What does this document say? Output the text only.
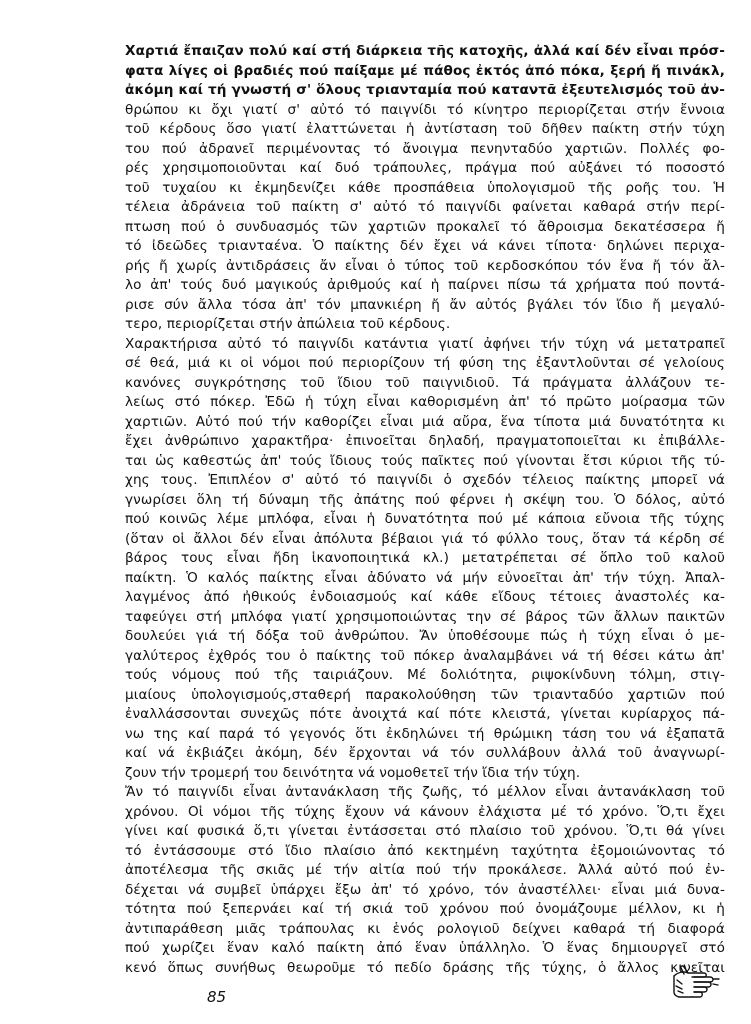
Χαρτιά ἔπαιζαν πολύ καί στή διάρκεια τῆς κατοχῆς, ἀλλά καί δέν εἶναι πρόσ-
φατα λίγες οἱ βραδιές πού παίξαμε μέ πάθος ἐκτός ἀπό πόκα, ξερή ἤ πινάκλ,
ἀκόμη καί τή γνωστή σ' ὅλους τριανταμία πού καταντᾶ ἐξευτελισμός τοῦ ἀν-
θρώπου κι ὄχι γιατί σ' αὐτό τό παιγνίδι τό κίνητρο περιορίζεται στήν ἔννοια
τοῦ κέρδους ὅσο γιατί ἐλαττώνεται ἡ ἀντίσταση τοῦ δῆθεν παίκτη στήν τύχη
του πού ἀδρανεῖ περιμένοντας τό ἄνοιγμα πενηνταδύο χαρτιῶν. Πολλές φο-
ρές χρησιμοποιοῦνται καί δυό τράπουλες, πράγμα πού αὐξάνει τό ποσοστό
τοῦ τυχαίου κι ἐκμηδενίζει κάθε προσπάθεια ὑπολογισμοῦ τῆς ροῆς του. Ἡ
τέλεια ἀδράνεια τοῦ παίκτη σ' αὐτό τό παιγνίδι φαίνεται καθαρά στήν περί-
πτωση πού ὁ συνδυασμός τῶν χαρτιῶν προκαλεῖ τό ἄθροισμα δεκατέσσερα ἤ
τό ἰδεῶδες τριανταένα. Ὁ παίκτης δέν ἔχει νά κάνει τίποτα· δηλώνει περιχα-
ρής ἤ χωρίς ἀντιδράσεις ἄν εἶναι ὁ τύπος τοῦ κερδοσκόπου τόν ἕνα ἤ τόν ἄλ-
λο ἀπ' τούς δυό μαγικούς ἀριθμούς καί ἡ παίρνει πίσω τά χρήματα πού ποντά-
ρισε σύν ἄλλα τόσα ἀπ' τόν μπανκιέρη ἤ ἄν αὐτός βγάλει τόν ἴδιο ἤ μεγαλύ-
τερο, περιορίζεται στήν ἀπώλεια τοῦ κέρδους.
Χαρακτήρισα αὐτό τό παιγνίδι κατάντια γιατί ἀφήνει τήν τύχη νά μετατραπεῖ
σέ θεά, μιά κι οἱ νόμοι πού περιορίζουν τή φύση της ἐξαντλοῦνται σέ γελοίους
κανόνες συγκρότησης τοῦ ἴδιου τοῦ παιγνιδιοῦ. Τά πράγματα ἀλλάζουν τε-
λείως στό πόκερ. Ἐδῶ ἡ τύχη εἶναι καθορισμένη ἀπ' τό πρῶτο μοίρασμα τῶν
χαρτιῶν. Αὐτό πού τήν καθορίζει εἶναι μιά αὔρα, ἕνα τίποτα μιά δυνατότητα κι
ἔχει ἀνθρώπινο χαρακτῆρα· ἐπινοεῖται δηλαδή, πραγματοποιεῖται κι ἐπιβάλλε-
ται ὡς καθεστώς ἀπ' τούς ἴδιους τούς παῖκτες πού γίνονται ἔτσι κύριοι τῆς τύ-
χης τους. Ἐπιπλέον σ' αὐτό τό παιγνίδι ὁ σχεδόν τέλειος παίκτης μπορεῖ νά
γνωρίσει ὅλη τή δύναμη τῆς ἀπάτης πού φέρνει ἡ σκέψη του. Ὁ δόλος, αὐτό
πού κοινῶς λέμε μπλόφα, εἶναι ἡ δυνατότητα πού μέ κάποια εὔνοια τῆς τύχης
(ὅταν οἱ ἄλλοι δέν εἶναι ἀπόλυτα βέβαιοι γιά τό φύλλο τους, ὅταν τά κέρδη σέ
βάρος τους εἶναι ἤδη ἱκανοποιητικά κλ.) μετατρέπεται σέ ὅπλο τοῦ καλοῦ
παίκτη. Ὁ καλός παίκτης εἶναι ἀδύνατο νά μήν εὐνοεῖται ἀπ' τήν τύχη. Ἀπαλ-
λαγμένος ἀπό ἠθικούς ἐνδοιασμούς καί κάθε εἴδους τέτοιες ἀναστολές κα-
ταφεύγει στή μπλόφα γιατί χρησιμοποιώντας την σέ βάρος τῶν ἄλλων παικτῶν
δουλεύει γιά τή δόξα τοῦ ἀνθρώπου. Ἄν ὑποθέσουμε πώς ἡ τύχη εἶναι ὁ με-
γαλύτερος ἐχθρός του ὁ παίκτης τοῦ πόκερ ἀναλαμβάνει νά τή θέσει κάτω ἀπ'
τούς νόμους πού τῆς ταιριάζουν. Μέ δολιότητα, ριψοκίνδυνη τόλμη, στιγ-
μιαίους ὑπολογισμούς,σταθερή παρακολούθηση τῶν τριανταδύο χαρτιῶν πού
ἐναλλάσσονται συνεχῶς πότε ἀνοιχτά καί πότε κλειστά, γίνεται κυρίαρχος πά-
νω της καί παρά τό γεγονός ὅτι ἐκδηλώνει τή θρώμικη τάση του νά ἐξαπατᾶ
καί νά ἐκβιάζει ἀκόμη, δέν ἔρχονται νά τόν συλλάβουν ἀλλά τοῦ ἀναγνωρί-
ζουν τήν τρομερή του δεινότητα νά νομοθετεῖ τήν ἴδια τήν τύχη.
Ἄν τό παιγνίδι εἶναι ἀντανάκλαση τῆς ζωῆς, τό μέλλον εἶναι ἀντανάκλαση τοῦ
χρόνου. Οἱ νόμοι τῆς τύχης ἔχουν νά κάνουν ἐλάχιστα μέ τό χρόνο. Ὅ,τι ἔχει
γίνει καί φυσικά ὅ,τι γίνεται ἐντάσσεται στό πλαίσιο τοῦ χρόνου. Ὅ,τι θά γίνει
τό ἐντάσσουμε στό ἴδιο πλαίσιο ἀπό κεκτημένη ταχύτητα ἐξομοιώνοντας τό
ἀποτέλεσμα τῆς σκιᾶς μέ τήν αἰτία πού τήν προκάλεσε. Ἀλλά αὐτό πού ἐν-
δέχεται νά συμβεῖ ὑπάρχει ἔξω ἀπ' τό χρόνο, τόν ἀναστέλλει· εἶναι μιά δυνα-
τότητα πού ξεπερνάει καί τή σκιά τοῦ χρόνου πού ὀνομάζουμε μέλλον, κι ἡ
ἀντιπαράθεση μιᾶς τράπουλας κι ἑνός ρολογιοῦ δείχνει καθαρά τή διαφορά
πού χωρίζει ἕναν καλό παίκτη ἀπό ἕναν ὑπάλληλο. Ὁ ἕνας δημιουργεῖ στό
κενό ὅπως συνήθως θεωροῦμε τό πεδίο δράσης τῆς τύχης, ὁ ἄλλος κινεῖται
85
